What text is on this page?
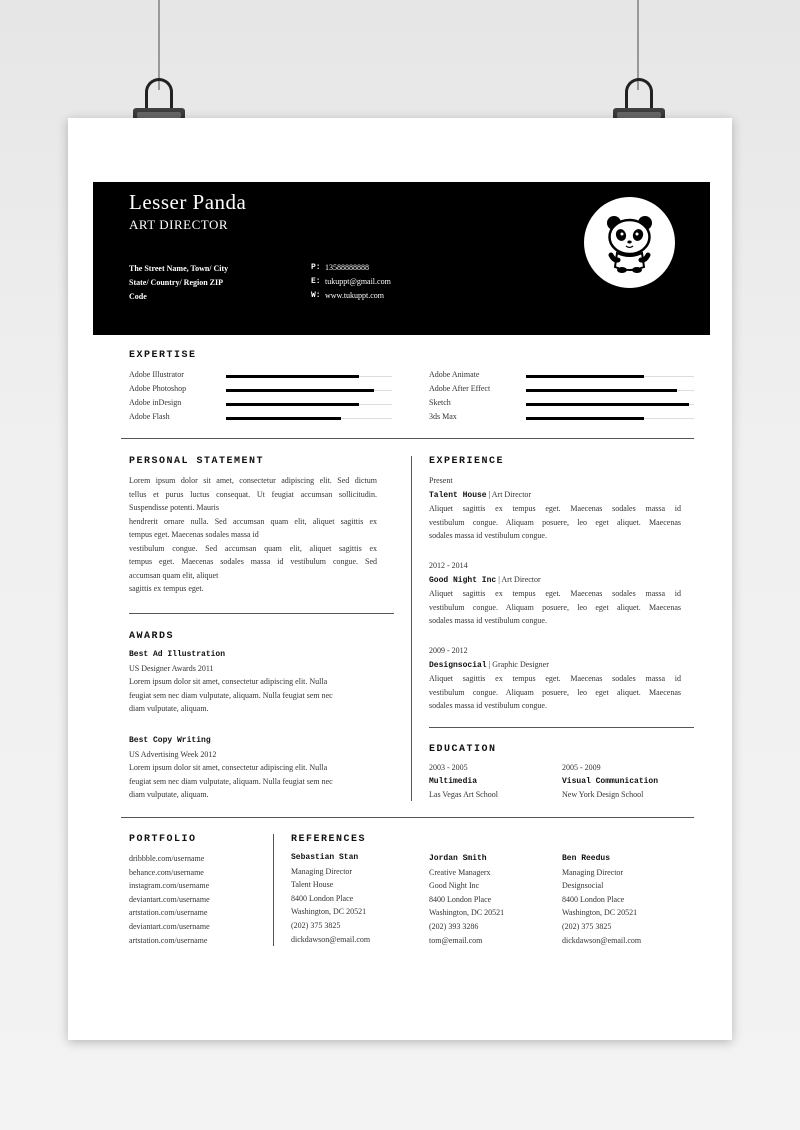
Lesser Panda
ART DIRECTOR
The Street Name, Town/ City
State/ Country/ Region ZIP
Code
P: 13588888888
E: tukuppt@gmail.com
W: www.tukuppt.com
EXPERTISE
Adobe Illustrator
Adobe Photoshop
Adobe inDesign
Adobe Flash
Adobe Animate
Adobe After Effect
Sketch
3ds Max
PERSONAL STATEMENT
Lorem ipsum dolor sit amet, consectetur adipiscing elit. Sed dictum
tellus et purus luctus consequat. Ut feugiat accumsan sollicitudin.
Suspendisse potenti. Mauris
hendrerit ornare nulla. Sed accumsan quam elit, aliquet sagittis ex
tempus eget. Maecenas sodales massa id
vestibulum congue. Sed accumsan quam elit, aliquet sagittis ex
tempus eget. Maecenas sodales massa id vestibulum congue. Sed
accumsan quam elit, aliquet
sagittis ex tempus eget.
AWARDS
Best Ad Illustration
US Designer Awards 2011
Lorem ipsum dolor sit amet, consectetur adipiscing elit. Nulla
feugiat sem nec diam vulputate, aliquam. Nulla feugiat sem nec
diam vulputate, aliquam.
Best Copy Writing
US Advertising Week 2012
Lorem ipsum dolor sit amet, consectetur adipiscing elit. Nulla
feugiat sem nec diam vulputate, aliquam. Nulla feugiat sem nec
diam vulputate, aliquam.
EXPERIENCE
Present
Talent House | Art Director
Aliquet sagittis ex tempus eget. Maecenas sodales massa id
vestibulum congue. Aliquam posuere, leo eget aliquet. Maecenas
sodales massa id vestibulum congue.
2012 - 2014
Good Night Inc | Art Director
Aliquet sagittis ex tempus eget. Maecenas sodales massa id
vestibulum congue. Aliquam posuere, leo eget aliquet. Maecenas
sodales massa id vestibulum congue.
2009 - 2012
Designsocial | Graphic Designer
Aliquet sagittis ex tempus eget. Maecenas sodales massa id
vestibulum congue. Aliquam posuere, leo eget aliquet. Maecenas
sodales massa id vestibulum congue.
EDUCATION
2003 - 2005
Multimedia
Las Vegas Art School
2005 - 2009
Visual Communication
New York Design School
PORTFOLIO
dribbble.com/username
behance.com/username
instagram.com/username
deviantart.com/username
artstation.com/username
deviantart.com/username
artstation.com/username
REFERENCES
Sebastian Stan
Managing Director
Talent House
8400 London Place
Washington, DC 20521
(202) 375 3825
dickdawson@email.com
Jordan Smith
Creative Managerx
Good Night Inc
8400 London Place
Washington, DC 20521
(202) 393 3286
tom@email.com
Ben Reedus
Managing Director
Designsocial
8400 London Place
Washington, DC 20521
(202) 375 3825
dickdawson@email.com
